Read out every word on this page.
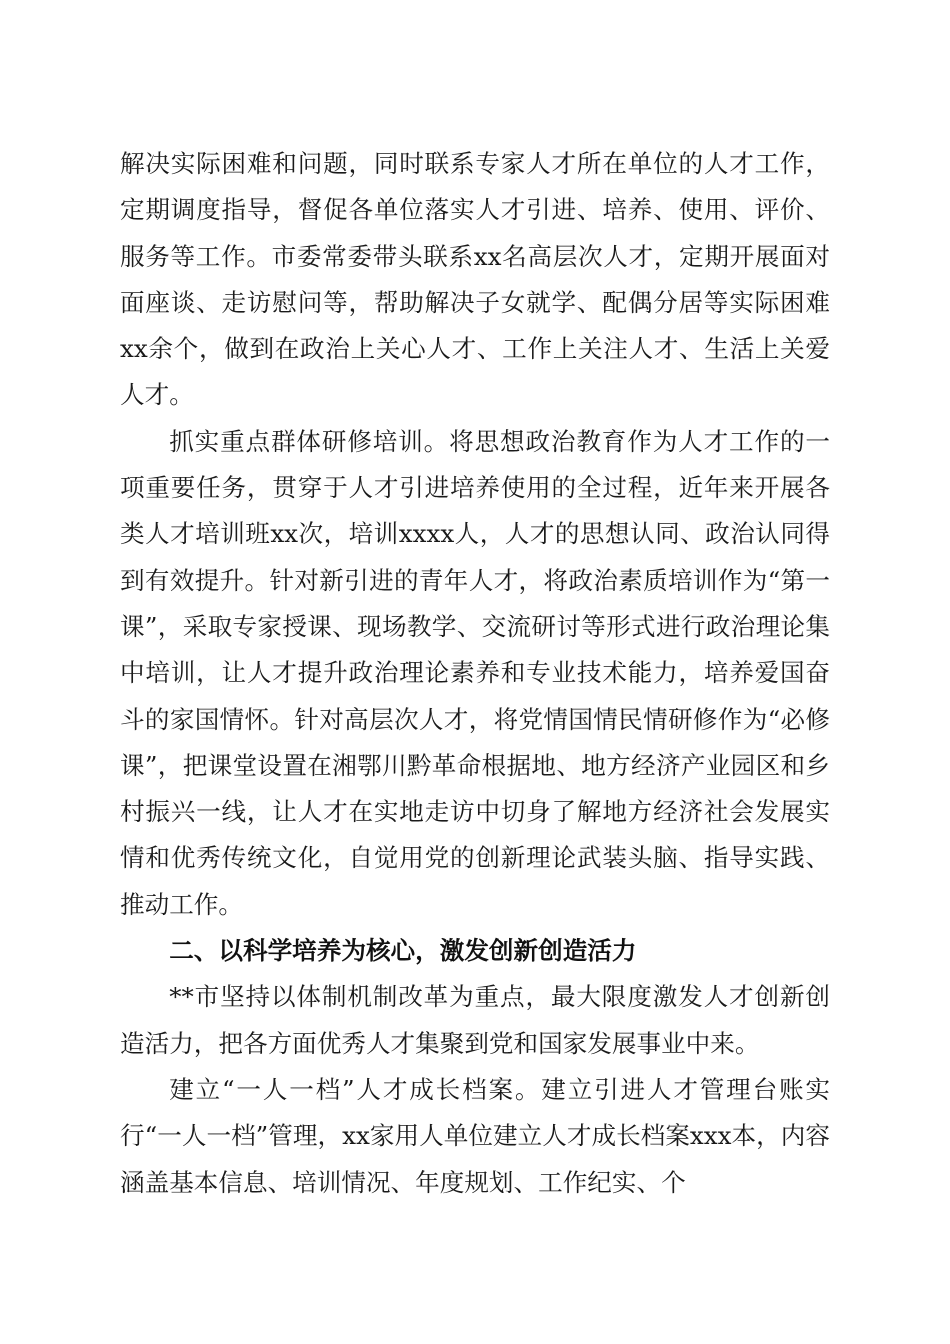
解决实际困难和问题，同时联系专家人才所在单位的人才工作，定期调度指导，督促各单位落实人才引进、培养、使用、评价、服务等工作。市委常委带头联系xx名高层次人才，定期开展面对面座谈、走访慰问等，帮助解决子女就学、配偶分居等实际困难xx余个，做到在政治上关心人才、工作上关注人才、生活上关爱人才。

抓实重点群体研修培训。将思想政治教育作为人才工作的一项重要任务，贯穿于人才引进培养使用的全过程，近年来开展各类人才培训班xx次，培训xxxx人，人才的思想认同、政治认同得到有效提升。针对新引进的青年人才，将政治素质培训作为“第一课”，采取专家授课、现场教学、交流研讨等形式进行政治理论集中培训，让人才提升政治理论素养和专业技术能力，培养爱国奋斗的家国情怀。针对高层次人才，将党情国情民情研修作为“必修课”，把课堂设置在湘鄂川黔革命根据地、地方经济产业园区和乡村振兴一线，让人才在实地走访中切身了解地方经济社会发展实情和优秀传统文化，自觉用党的创新理论武装头脑、指导实践、推动工作。

二、以科学培养为核心，激发创新创造活力

**市坚持以体制机制改革为重点，最大限度激发人才创新创造活力，把各方面优秀人才集聚到党和国家发展事业中来。

建立“一人一档”人才成长档案。建立引进人才管理台账实行“一人一档”管理，xx家用人单位建立人才成长档案xxx本，内容涵盖基本信息、培训情况、年度规划、工作纪实、个
